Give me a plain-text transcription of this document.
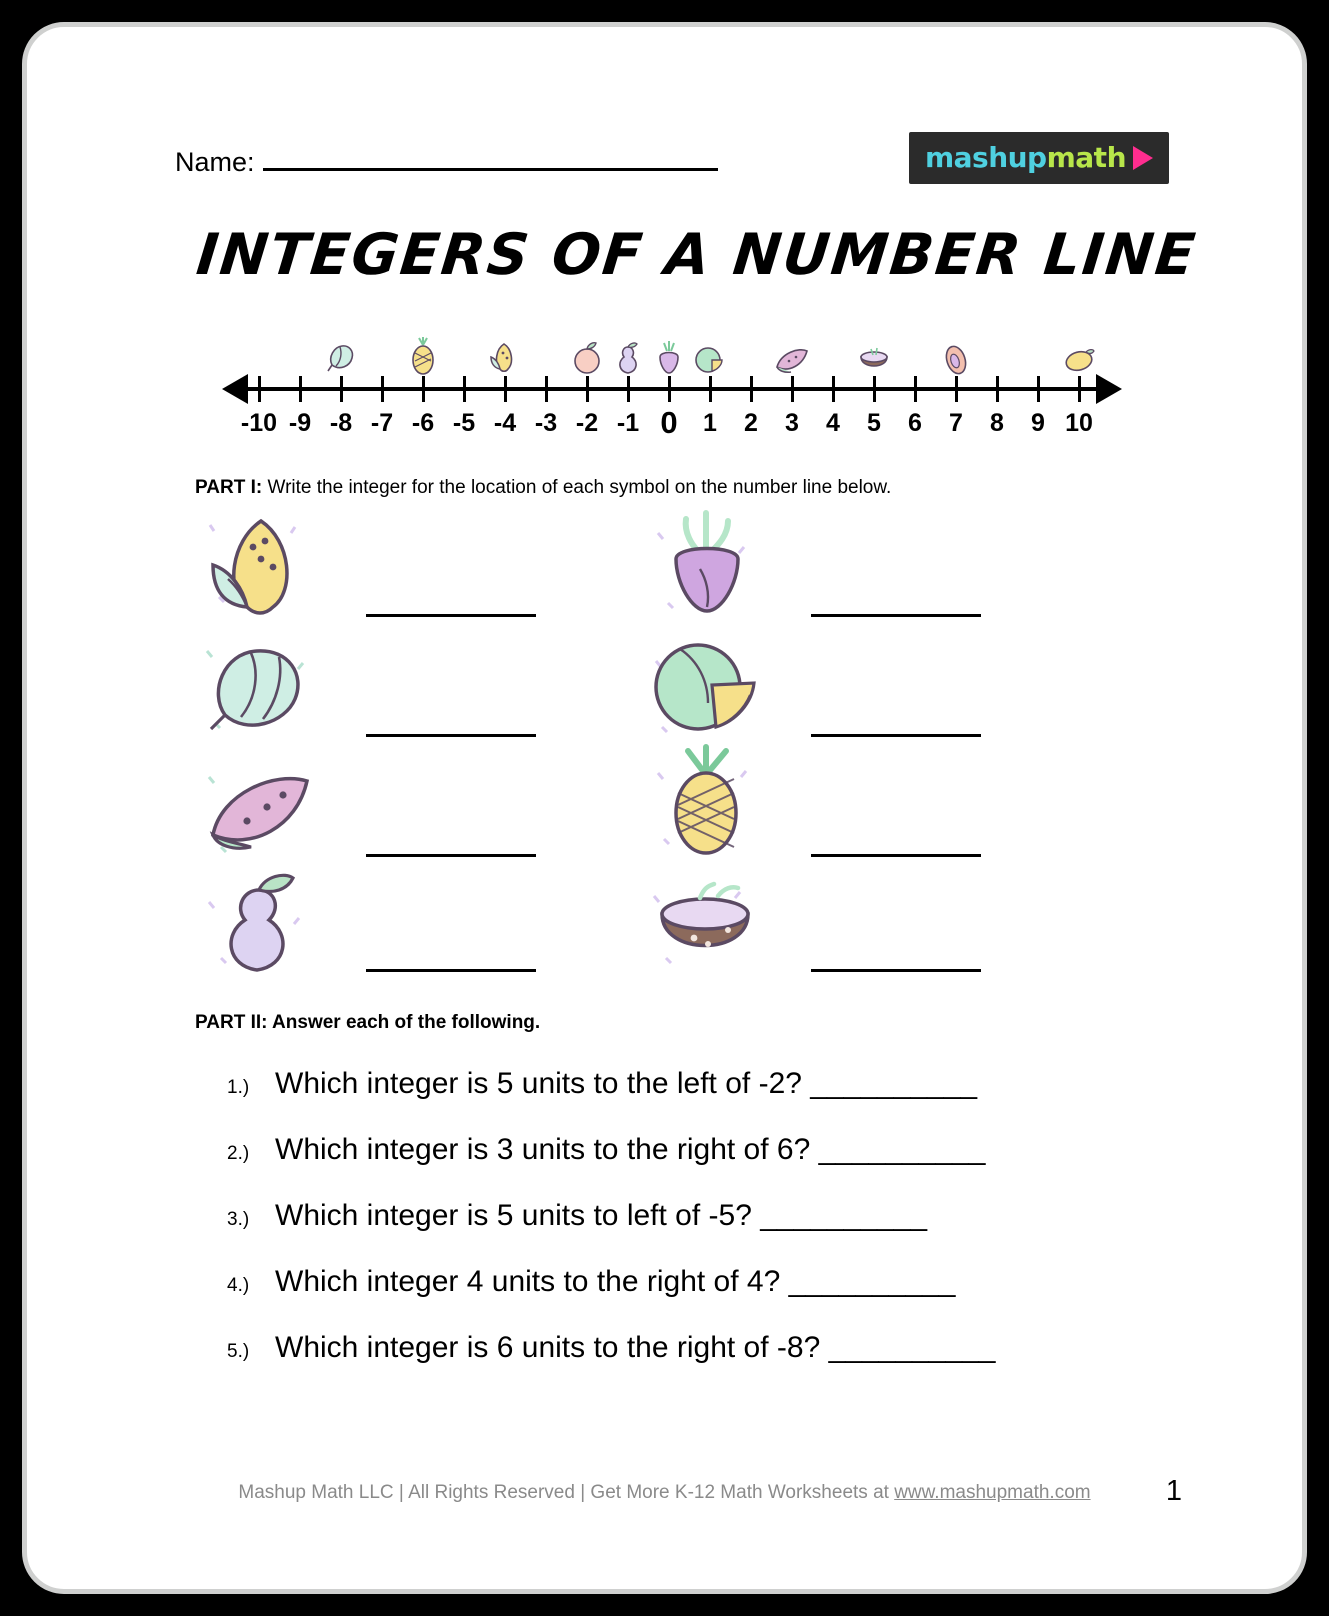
Name:	mashupmath
INTEGERS OF A NUMBER LINE
-10 -9 -8 -7 -6 -5 -4 -3 -2 -1 0 1 2 3 4 5 6 7 8 9 10
PART I: Write the integer for the location of each symbol on the number line below.
PART II: Answer each of the following.
1.) Which integer is 5 units to the left of -2? __________
2.) Which integer is 3 units to the right of 6? __________
3.) Which integer is 5 units to left of -5? __________
4.) Which integer 4 units to the right of 4? __________
5.) Which integer is 6 units to the right of -8? __________
Mashup Math LLC | All Rights Reserved | Get More K-12 Math Worksheets at www.mashupmath.com	1
